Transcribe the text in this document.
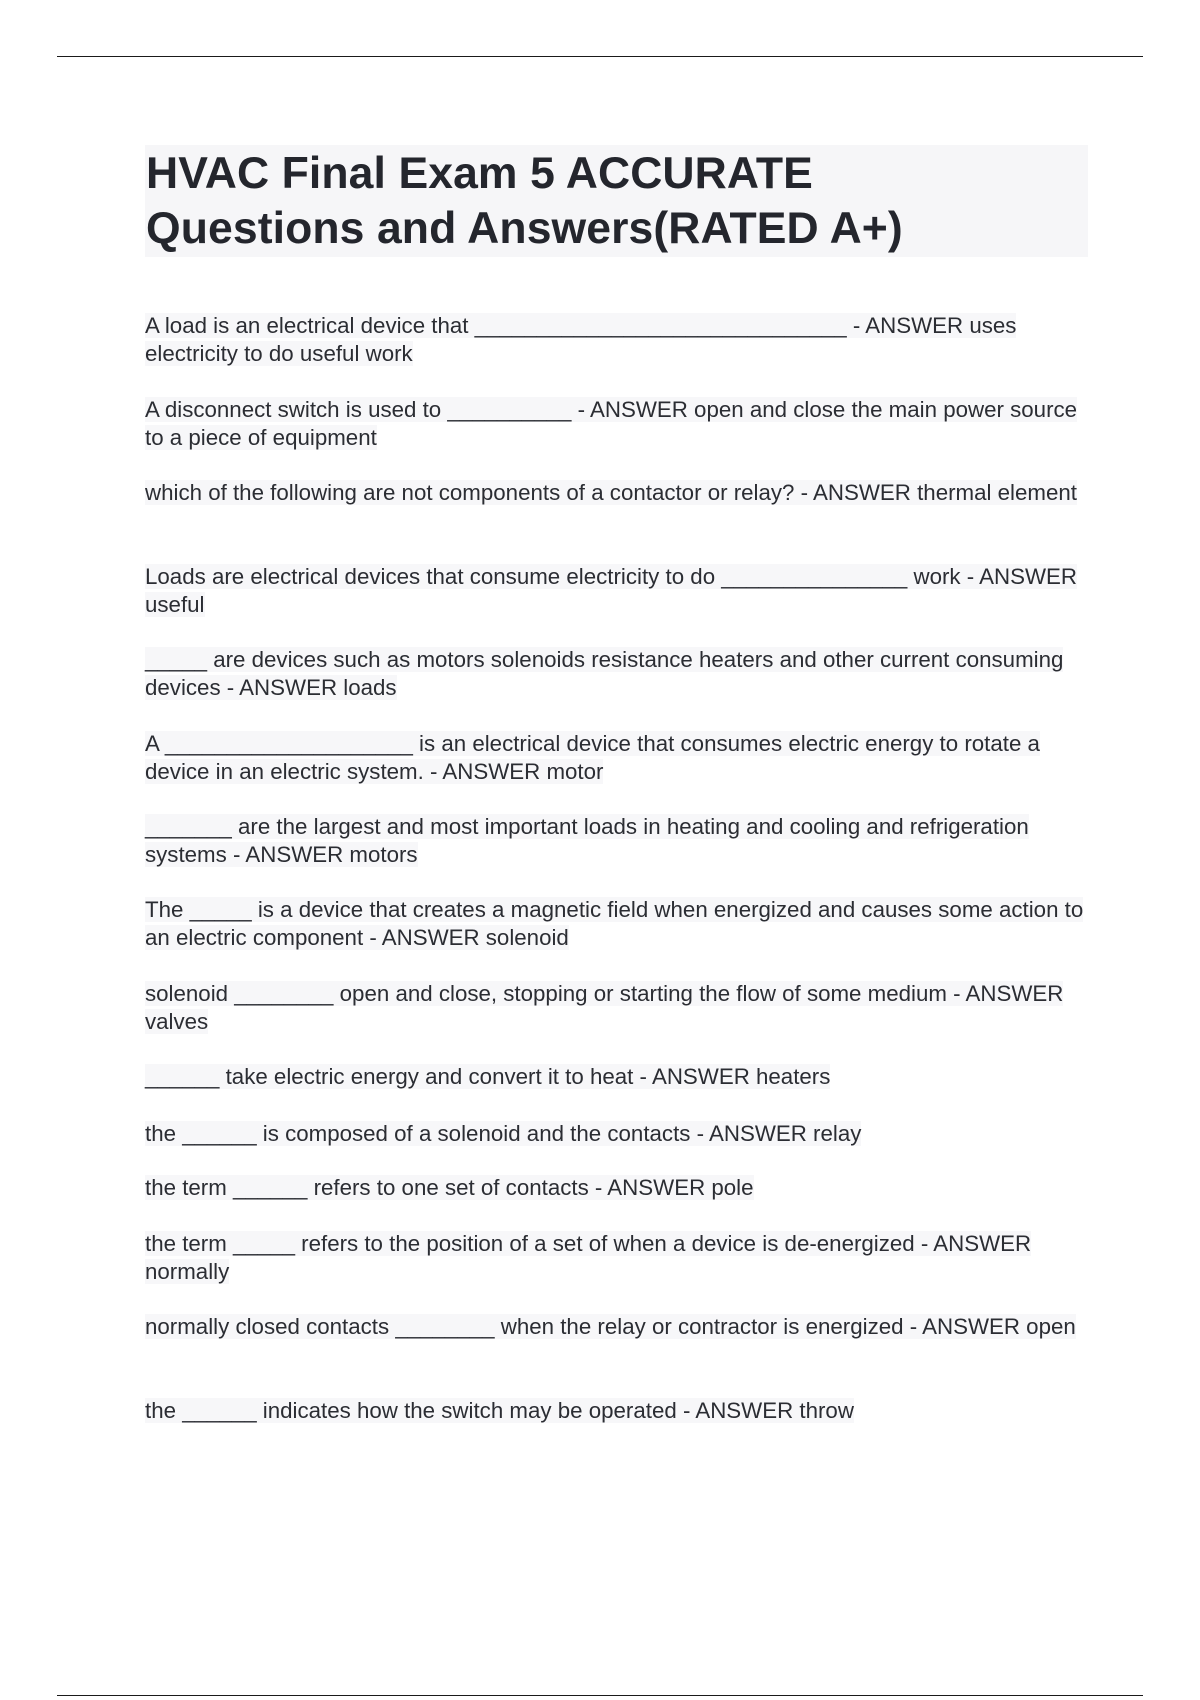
HVAC Final Exam 5 ACCURATE
Questions and Answers(RATED A+)
A load is an electrical device that ______________________________ - ANSWER uses electricity to do useful work
A disconnect switch is used to __________ - ANSWER open and close the main power source to a piece of equipment
which of the following are not components of a contactor or relay? - ANSWER thermal element
Loads are electrical devices that consume electricity to do _______________ work - ANSWER useful
_____ are devices such as motors solenoids resistance heaters and other current consuming devices - ANSWER loads
A ____________________ is an electrical device that consumes electric energy to rotate a device in an electric system. - ANSWER motor
_______ are the largest and most important loads in heating and cooling and refrigeration systems - ANSWER motors
The _____ is a device that creates a magnetic field when energized and causes some action to an electric component - ANSWER solenoid
solenoid ________ open and close, stopping or starting the flow of some medium - ANSWER valves
______ take electric energy and convert it to heat - ANSWER heaters
the ______ is composed of a solenoid and the contacts - ANSWER relay
the term ______ refers to one set of contacts - ANSWER pole
the term _____ refers to the position of a set of when a device is de-energized - ANSWER normally
normally closed contacts ________ when the relay or contractor is energized - ANSWER open
the ______ indicates how the switch may be operated - ANSWER throw
